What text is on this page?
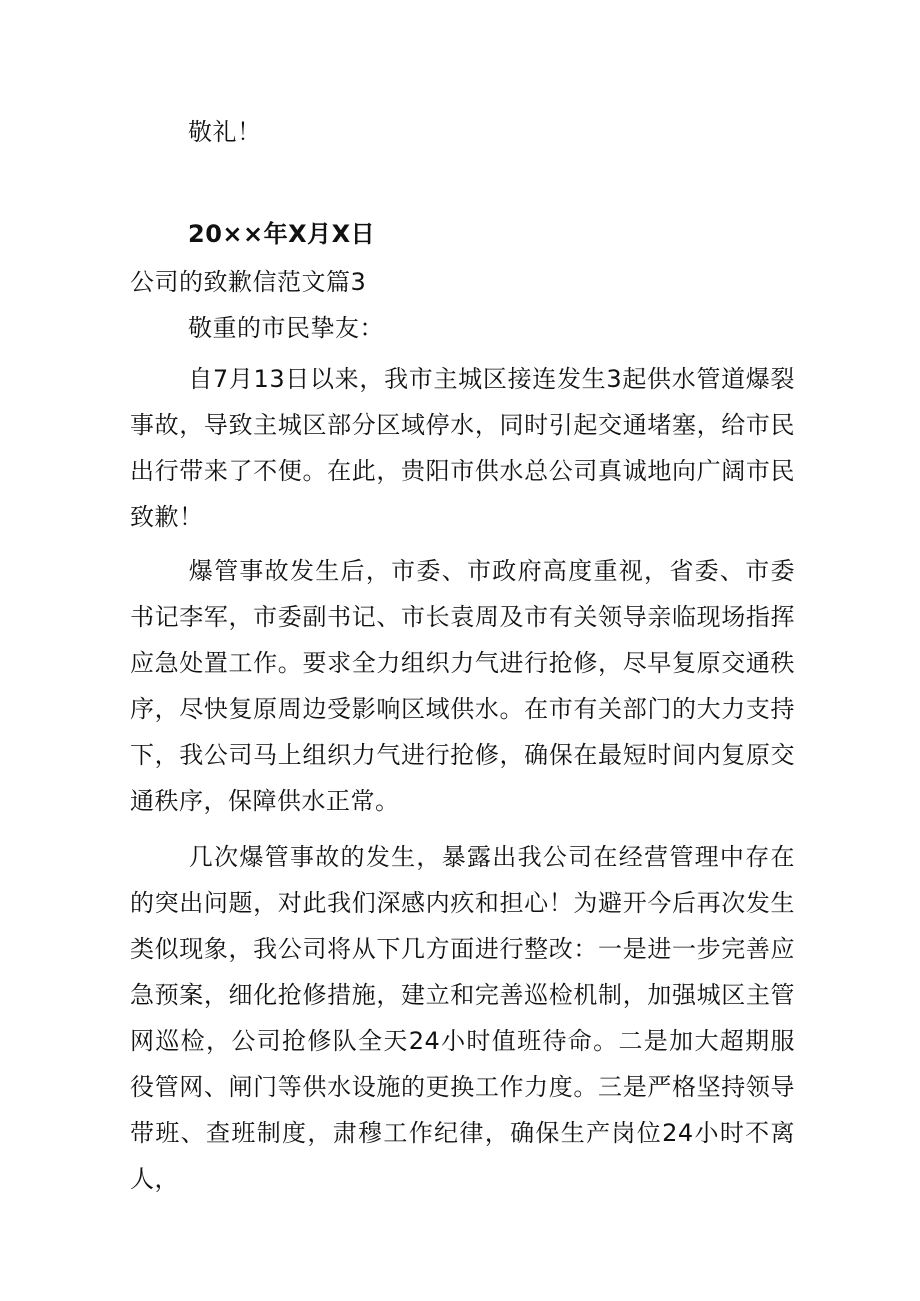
敬礼！
20××年X月X日
公司的致歉信范文篇3
敬重的市民挚友：
自7月13日以来，我市主城区接连发生3起供水管道爆裂事故，导致主城区部分区域停水，同时引起交通堵塞，给市民出行带来了不便。在此，贵阳市供水总公司真诚地向广阔市民致歉！
爆管事故发生后，市委、市政府高度重视，省委、市委书记李军，市委副书记、市长袁周及市有关领导亲临现场指挥应急处置工作。要求全力组织力气进行抢修，尽早复原交通秩序，尽快复原周边受影响区域供水。在市有关部门的大力支持下，我公司马上组织力气进行抢修，确保在最短时间内复原交通秩序，保障供水正常。
几次爆管事故的发生，暴露出我公司在经营管理中存在的突出问题，对此我们深感内疚和担心！为避开今后再次发生类似现象，我公司将从下几方面进行整改：一是进一步完善应急预案，细化抢修措施，建立和完善巡检机制，加强城区主管网巡检，公司抢修队全天24小时值班待命。二是加大超期服役管网、闸门等供水设施的更换工作力度。三是严格坚持领导带班、查班制度，肃穆工作纪律，确保生产岗位24小时不离人，
